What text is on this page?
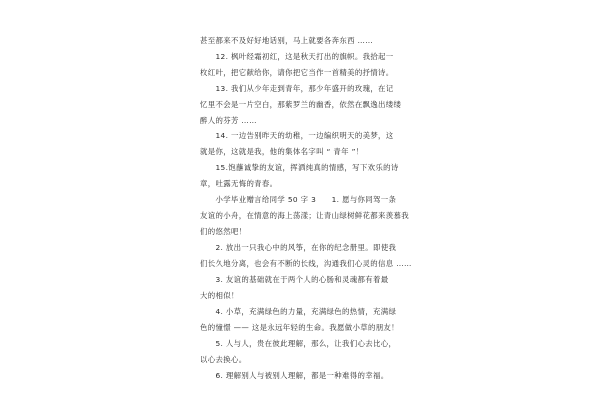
甚至都来不及好好地话别，马上就要各奔东西 ……

　　12. 枫叶经霜初红，这是秋天打出的旗帜。我拾起一

枚红叶，把它献给你，请你把它当作一首精美的抒情诗。

　　13. 我们从少年走到青年，那少年盛开的玫瑰，在记

忆里不会是一片空白，那紫罗兰的幽香，依然在飘逸出缕缕

醉人的芬芳 ……

　　14. 一边告别昨天的幼稚，一边编织明天的美梦，这

就是你，这就是我，他的集体名字叫 “ 青年 ”！

　　15.饱蘸诚挚的友谊，挥洒纯真的情感，写下欢乐的诗

章，吐露无悔的青春。

　　小学毕业赠言给同学 50 字 3　　1. 愿与你同驾一条

友谊的小舟，在情意的海上荡漾；让青山绿树鲜花都来羡慕我

们的悠然吧！

　　2. 放出一只我心中的风筝，在你的纪念册里。即使我

们长久地分离，也会有不断的长线，沟通我们心灵的信息 ……

　　3. 友谊的基础就在于两个人的心肠和灵魂都有着最

大的相似！

　　4. 小草，充满绿色的力量，充满绿色的热情，充满绿

色的憧憬 —— 这是永远年轻的生命。我愿做小草的朋友！

　　5. 人与人，贵在彼此理解，那么，让我们心去比心，

以心去换心。

　　6. 理解别人与被别人理解，都是一种难得的幸福。
